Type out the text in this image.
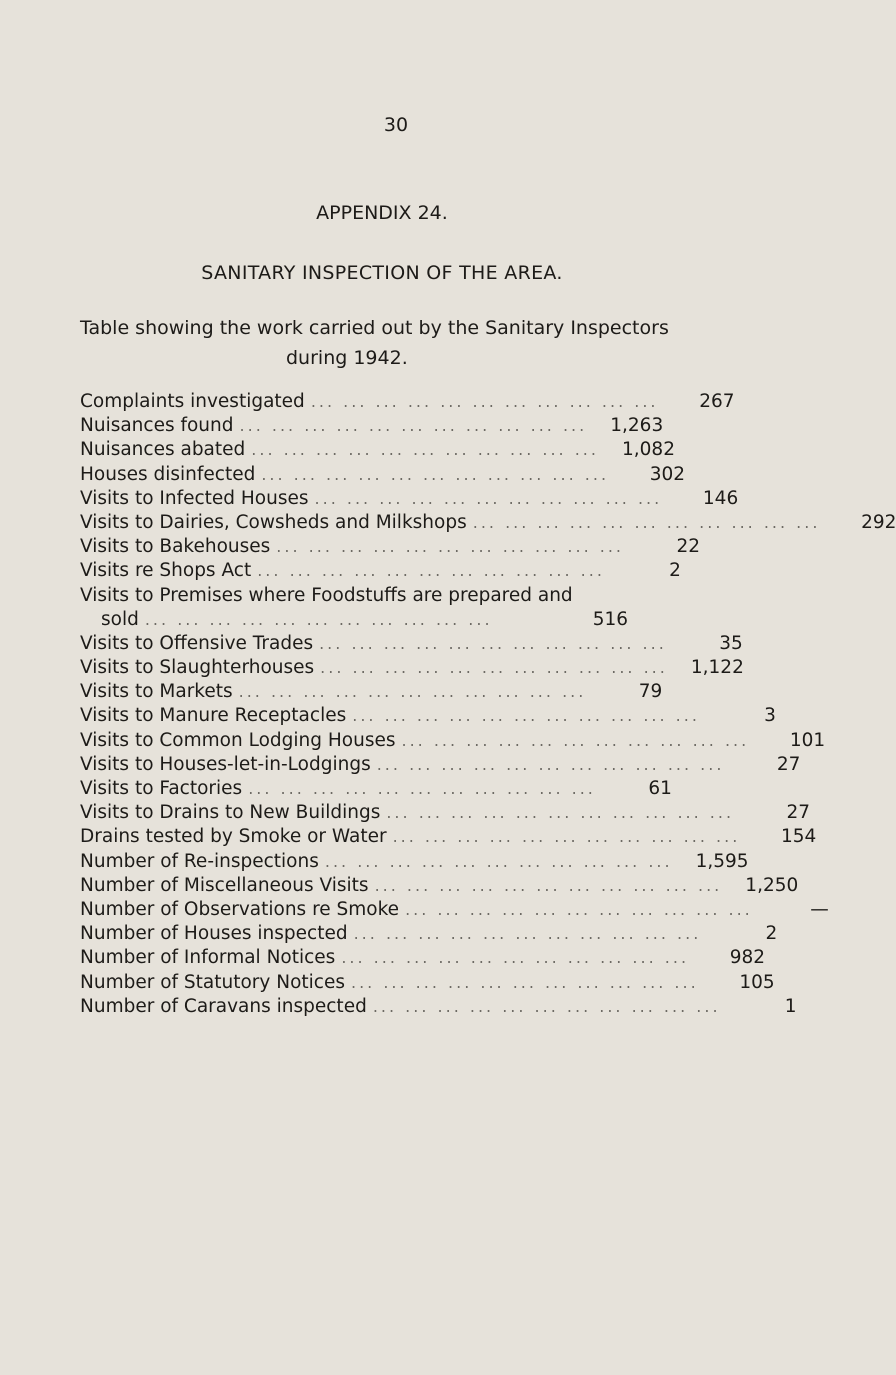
30
APPENDIX 24.
SANITARY INSPECTION OF THE AREA.
Table showing the work carried out by the Sanitary Inspectors
during 1942.
Complaints investigated ... ... ... ... ... ... ... ... ... ... ...	267
Nuisances found ... ... ... ... ... ... ... ... ... ... ...	1,263
Nuisances abated ... ... ... ... ... ... ... ... ... ... ...	1,082
Houses disinfected ... ... ... ... ... ... ... ... ... ... ...	302
Visits to Infected Houses ... ... ... ... ... ... ... ... ... ... ...	146
Visits to Dairies, Cowsheds and Milkshops ... ... ... ... ... ... ... ... ... ... ...	292
Visits to Bakehouses ... ... ... ... ... ... ... ... ... ... ...	22
Visits re Shops Act ... ... ... ... ... ... ... ... ... ... ...	2
Visits to Premises where Foodstuffs are prepared and
sold ... ... ... ... ... ... ... ... ... ... ...	516
Visits to Offensive Trades ... ... ... ... ... ... ... ... ... ... ...	35
Visits to Slaughterhouses ... ... ... ... ... ... ... ... ... ... ...	1,122
Visits to Markets ... ... ... ... ... ... ... ... ... ... ...	79
Visits to Manure Receptacles ... ... ... ... ... ... ... ... ... ... ...	3
Visits to Common Lodging Houses ... ... ... ... ... ... ... ... ... ... ...	101
Visits to Houses-let-in-Lodgings ... ... ... ... ... ... ... ... ... ... ...	27
Visits to Factories ... ... ... ... ... ... ... ... ... ... ...	61
Visits to Drains to New Buildings ... ... ... ... ... ... ... ... ... ... ...	27
Drains tested by Smoke or Water ... ... ... ... ... ... ... ... ... ... ...	154
Number of Re-inspections ... ... ... ... ... ... ... ... ... ... ...	1,595
Number of Miscellaneous Visits ... ... ... ... ... ... ... ... ... ... ...	1,250
Number of Observations re Smoke ... ... ... ... ... ... ... ... ... ... ...	—
Number of Houses inspected ... ... ... ... ... ... ... ... ... ... ...	2
Number of Informal Notices ... ... ... ... ... ... ... ... ... ... ...	982
Number of Statutory Notices ... ... ... ... ... ... ... ... ... ... ...	105
Number of Caravans inspected ... ... ... ... ... ... ... ... ... ... ...	1
